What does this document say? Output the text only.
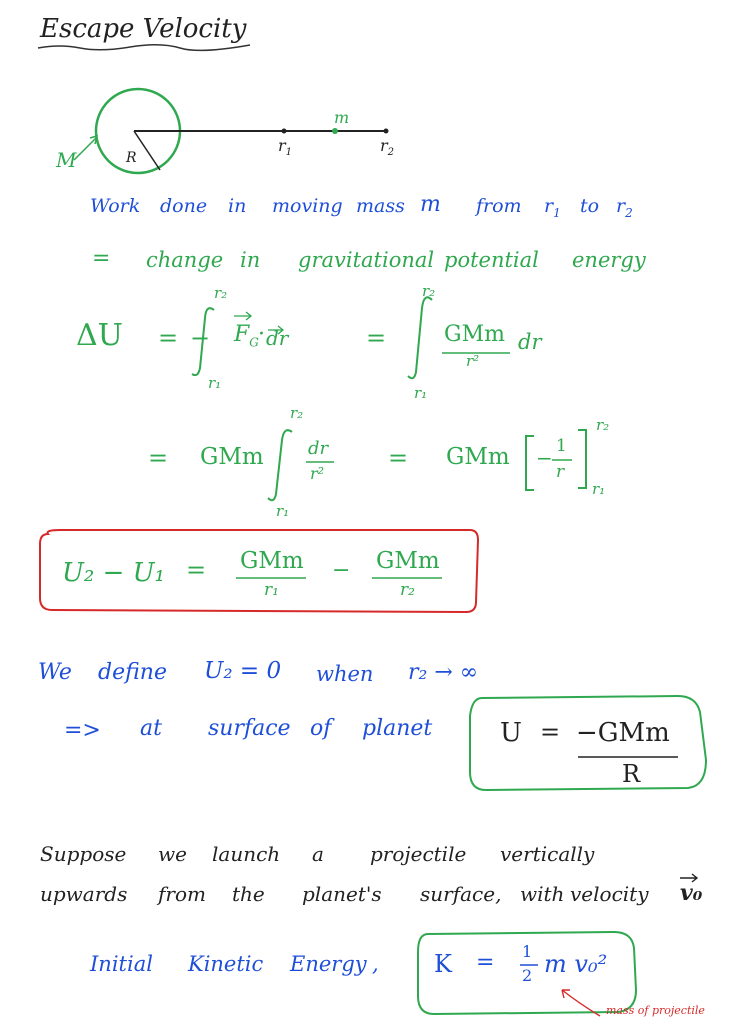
Escape Velocity
M	R
m
$r_1$	$r_2$
Work done in moving mass m from $r_1$ to $r_2$
= change in gravitational potential energy
ΔU = −
r₂
r₁
$F_G$ · dr	=
r₂
r₁
GMm
r²
dr
= GMm
r₂
r₁
dr
r²
= GMm − 1
r
r₂
r₁
U₂ − U₁ = GMm
r₁
− GMm
r₂
We define U₂ = 0 when r₂ → ∞
=> at surface of planet	U = −GMm
R
Suppose we launch a projectile vertically
upwards from the planet's surface, with velocity v₀
Initial Kinetic Energy , K = 1
2 m v₀²
mass of projectile
